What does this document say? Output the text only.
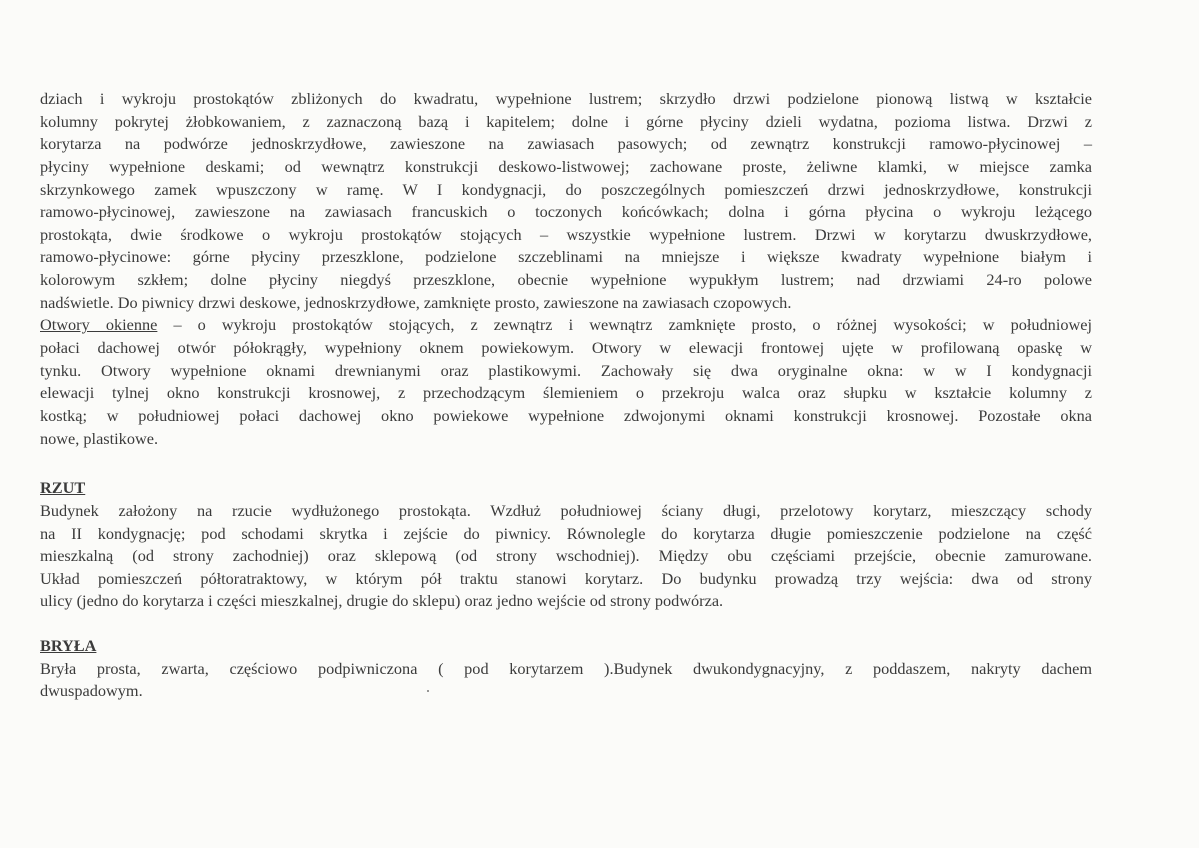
dziach i wykroju prostokątów zbliżonych do kwadratu, wypełnione lustrem; skrzydło drzwi podzielone pionową listwą w kształcie
kolumny pokrytej żłobkowaniem, z zaznaczoną bazą i kapitelem; dolne i górne płyciny dzieli wydatna, pozioma listwa. Drzwi z
korytarza na podwórze jednoskrzydłowe, zawieszone na zawiasach pasowych; od zewnątrz konstrukcji ramowo-płycinowej –
płyciny wypełnione deskami; od wewnątrz konstrukcji deskowo-listwowej; zachowane proste, żeliwne klamki, w miejsce zamka
skrzynkowego zamek wpuszczony w ramę. W I kondygnacji, do poszczególnych pomieszczeń drzwi jednoskrzydłowe, konstrukcji
ramowo-płycinowej, zawieszone na zawiasach francuskich o toczonych końcówkach; dolna i górna płycina o wykroju leżącego
prostokąta, dwie środkowe o wykroju prostokątów stojących – wszystkie wypełnione lustrem. Drzwi w korytarzu dwuskrzydłowe,
ramowo-płycinowe: górne płyciny przeszklone, podzielone szczeblinami na mniejsze i większe kwadraty wypełnione białym i
kolorowym szkłem; dolne płyciny niegdyś przeszklone, obecnie wypełnione wypukłym lustrem; nad drzwiami 24-ro polowe
nadświetle. Do piwnicy drzwi deskowe, jednoskrzydłowe, zamknięte prosto, zawieszone na zawiasach czopowych.
Otwory okienne – o wykroju prostokątów stojących, z zewnątrz i wewnątrz zamknięte prosto, o różnej wysokości; w południowej
połaci dachowej otwór półokrągły, wypełniony oknem powiekowym. Otwory w elewacji frontowej ujęte w profilowaną opaskę w
tynku. Otwory wypełnione oknami drewnianymi oraz plastikowymi. Zachowały się dwa oryginalne okna: w w I kondygnacji
elewacji tylnej okno konstrukcji krosnowej, z przechodzącym ślemieniem o przekroju walca oraz słupku w kształcie kolumny z
kostką; w południowej połaci dachowej okno powiekowe wypełnione zdwojonymi oknami konstrukcji krosnowej. Pozostałe okna
nowe, plastikowe.
RZUT
Budynek założony na rzucie wydłużonego prostokąta. Wzdłuż południowej ściany długi, przelotowy korytarz, mieszczący schody
na II kondygnację; pod schodami skrytka i zejście do piwnicy. Równolegle do korytarza długie pomieszczenie podzielone na część
mieszkalną (od strony zachodniej) oraz sklepową (od strony wschodniej). Między obu częściami przejście, obecnie zamurowane.
Układ pomieszczeń półtoratraktowy, w którym pół traktu stanowi korytarz. Do budynku prowadzą trzy wejścia: dwa od strony
ulicy (jedno do korytarza i części mieszkalnej, drugie do sklepu) oraz jedno wejście od strony podwórza.
BRYŁA
Bryła prosta, zwarta, częściowo podpiwniczona ( pod korytarzem ).Budynek dwukondygnacyjny, z poddaszem, nakryty dachem
dwuspadowym.
